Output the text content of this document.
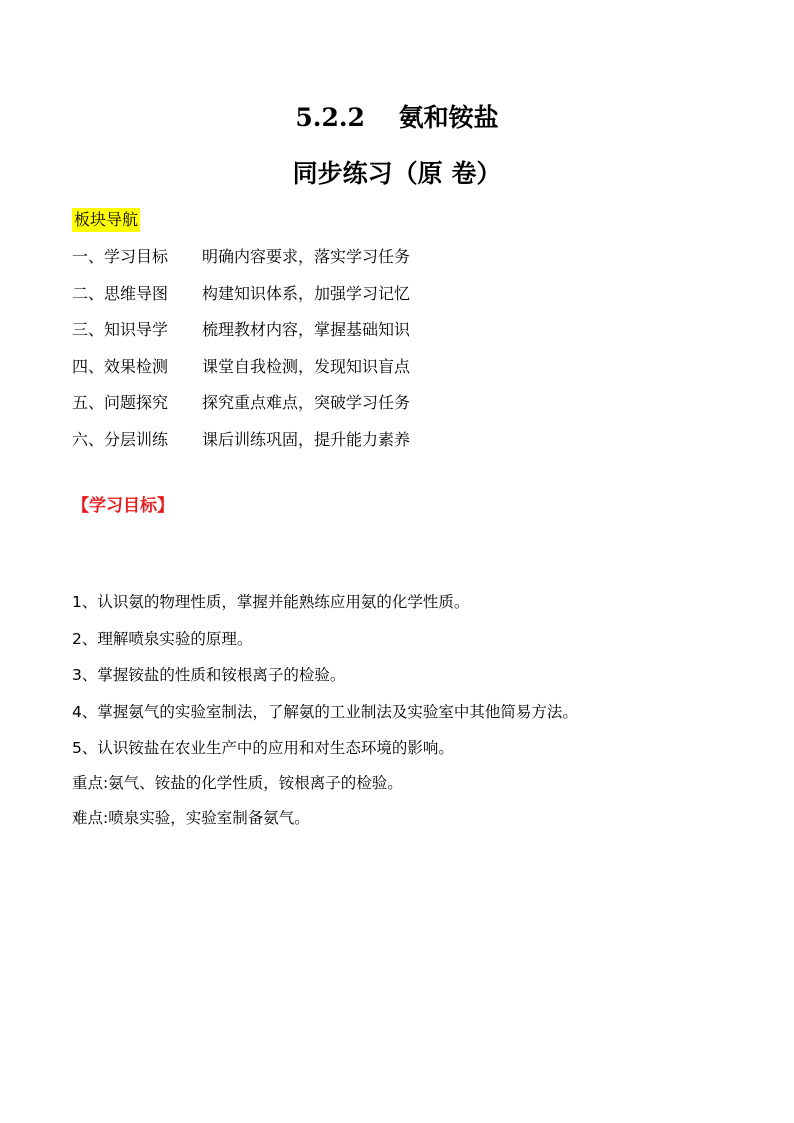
5.2.2　 氨和铵盐
同步练习（原 卷）
板块导航
一、学习目标 明确内容要求，落实学习任务
二、思维导图 构建知识体系，加强学习记忆
三、知识导学 梳理教材内容，掌握基础知识
四、效果检测 课堂自我检测，发现知识盲点
五、问题探究 探究重点难点，突破学习任务
六、分层训练 课后训练巩固，提升能力素养
【学习目标】
1、认识氨的物理性质，掌握并能熟练应用氨的化学性质。
2、理解喷泉实验的原理。
3、掌握铵盐的性质和铵根离子的检验。
4、掌握氨气的实验室制法，了解氨的工业制法及实验室中其他简易方法。
5、认识铵盐在农业生产中的应用和对生态环境的影响。
重点:氨气、铵盐的化学性质，铵根离子的检验。
难点:喷泉实验，实验室制备氨气。
